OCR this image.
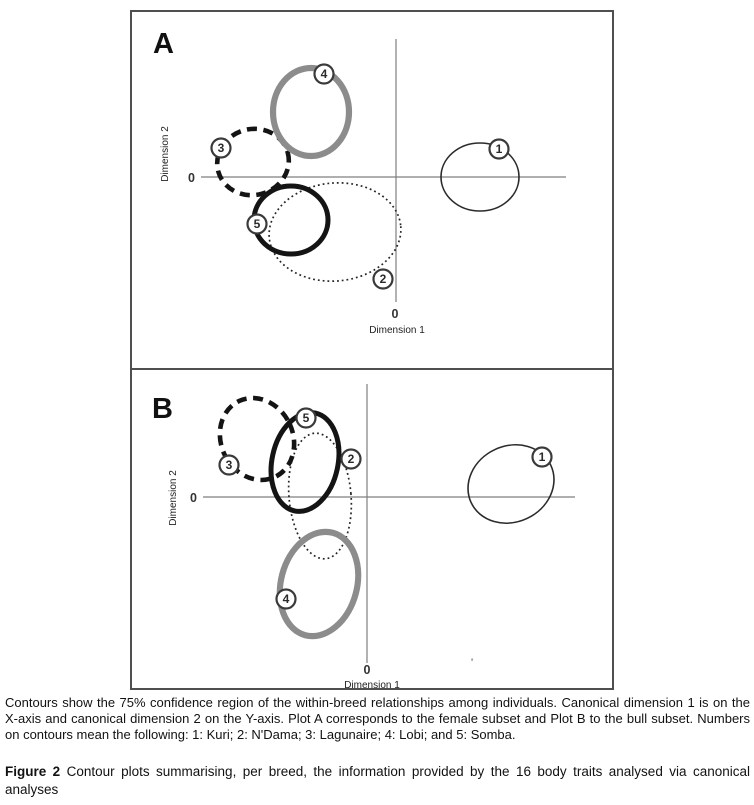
1
2
3
4
5
A
0
0
Dimension 1
Dimension 2
1
2
3
4
5
B
0
0
Dimension 1
Dimension 2
'

Contours show the 75% confidence region of the within-breed relationships among individuals. Canonical dimension 1 is on the X-axis and canonical dimension 2 on the Y-axis. Plot A corresponds to the female subset and Plot B to the bull subset. Numbers on contours mean the following: 1: Kuri; 2: N'Dama; 3: Lagunaire; 4: Lobi; and 5: Somba.

Figure 2 Contour plots summarising, per breed, the information provided by the 16 body traits analysed via canonical analyses
